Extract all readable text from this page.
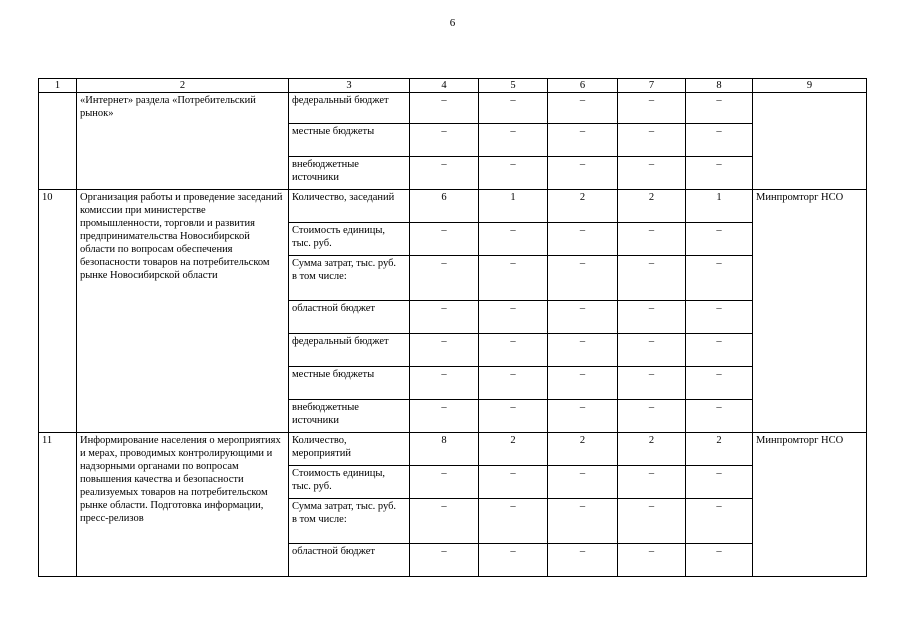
6
1	2	3	4	5	6	7	8	9
	«Интернет» раздела «Потребительский рынок»	федеральный бюджет	–	–	–	–	–	

		местные бюджеты	–	–	–	–	–	

		внебюджетные источники	–	–	–	–	–	
10	Организация работы и проведение заседаний комиссии при министерстве промышленности, торговли и развития предпринимательства Новосибирской области по вопросам обеспечения безопасности товаров на потребительском рынке Новосибирской области	Количество, заседаний	6	1	2	2	1	Минпромторг НСО

		Стоимость единицы, тыс. руб.	–	–	–	–	–	

		Сумма затрат, тыс. руб.
в том числе:	–	–	–	–	–	

		областной бюджет	–	–	–	–	–	

		федеральный бюджет	–	–	–	–	–	

		местные бюджеты	–	–	–	–	–	

		внебюджетные источники	–	–	–	–	–	
11	Информирование населения о мероприятиях и мерах, проводимых контролирующими и надзорными органами по вопросам повышения качества и безопасности реализуемых товаров на потребительском рынке области. Подготовка информации, пресс-релизов	Количество, мероприятий	8	2	2	2	2	Минпромторг НСО

		Стоимость единицы, тыс. руб.	–	–	–	–	–	

		Сумма затрат, тыс. руб.
в том числе:	–	–	–	–	–	

		областной бюджет	–	–	–	–	–	
